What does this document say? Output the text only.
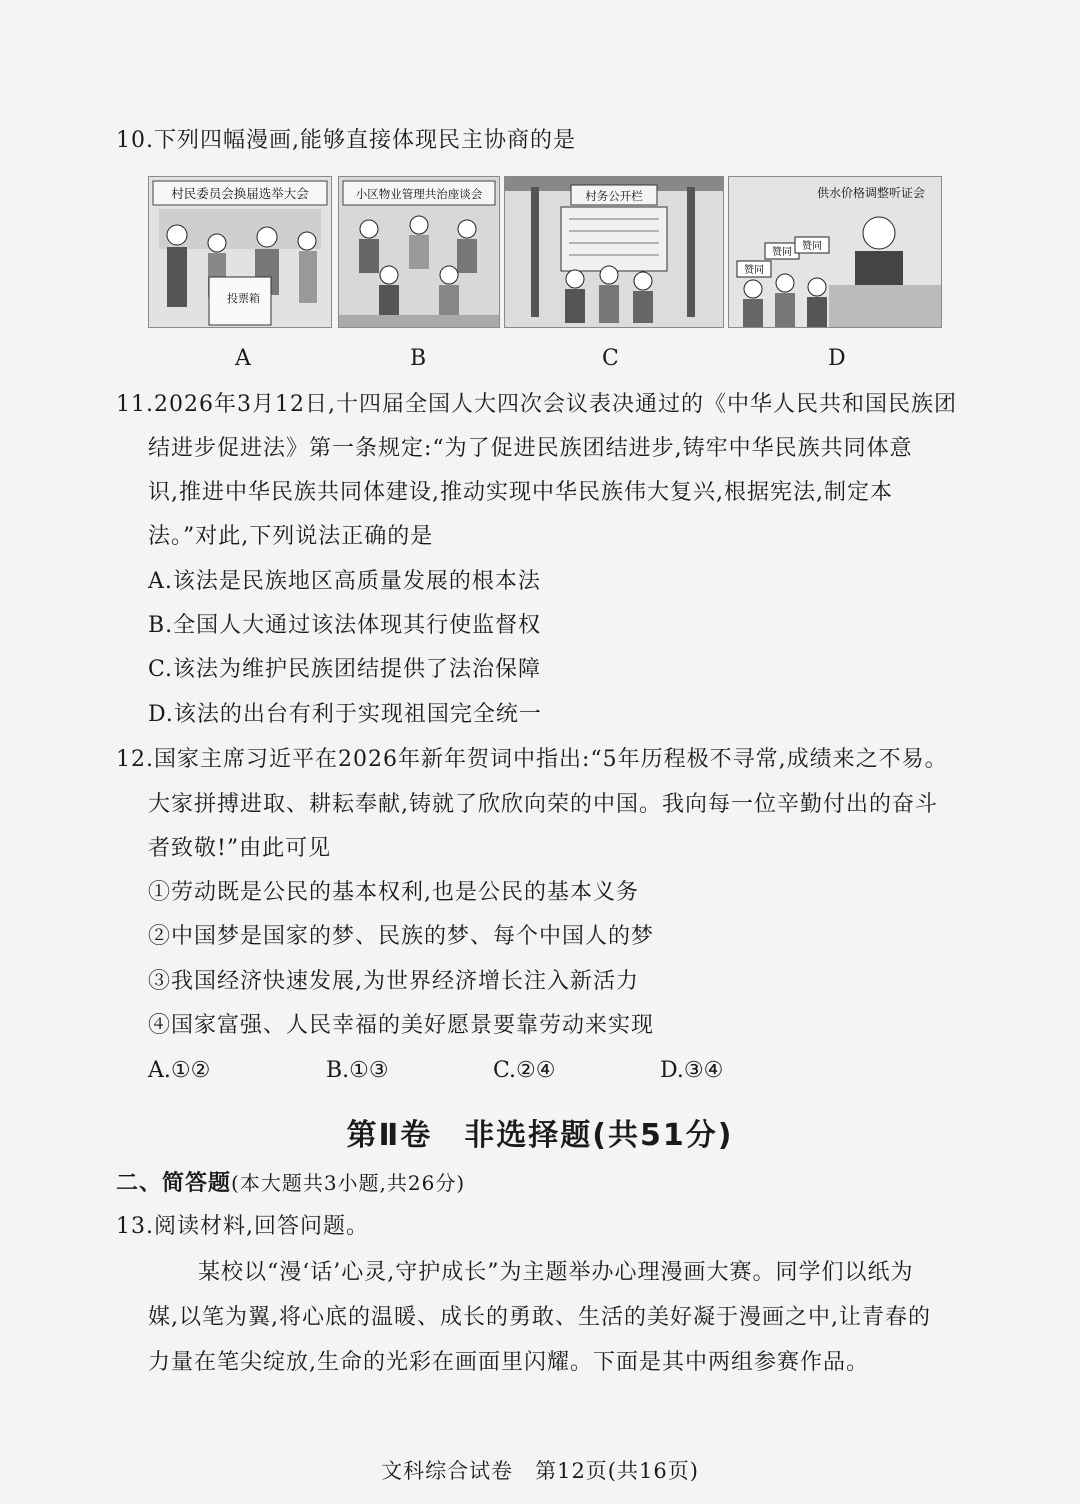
10.下列四幅漫画,能够直接体现民主协商的是
村民委员会换届选举大会
投票箱
小区物业管理共治座谈会	村务公开栏	供水价格调整听证会
赞同
赞同
赞同
A	B	C	D
11.2026年3月12日,十四届全国人大四次会议表决通过的《中华人民共和国民族团
结进步促进法》第一条规定:“为了促进民族团结进步,铸牢中华民族共同体意
识,推进中华民族共同体建设,推动实现中华民族伟大复兴,根据宪法,制定本
法。”对此,下列说法正确的是
A.该法是民族地区高质量发展的根本法
B.全国人大通过该法体现其行使监督权
C.该法为维护民族团结提供了法治保障
D.该法的出台有利于实现祖国完全统一
12.国家主席习近平在2026年新年贺词中指出:“5年历程极不寻常,成绩来之不易。
大家拼搏进取、耕耘奉献,铸就了欣欣向荣的中国。我向每一位辛勤付出的奋斗
者致敬!”由此可见
①劳动既是公民的基本权利,也是公民的基本义务
②中国梦是国家的梦、民族的梦、每个中国人的梦
③我国经济快速发展,为世界经济增长注入新活力
④国家富强、人民幸福的美好愿景要靠劳动来实现
A.①②	B.①③	C.②④	D.③④
第Ⅱ卷　非选择题(共51分)
二、简答题(本大题共3小题,共26分)
13.阅读材料,回答问题。
某校以“漫‘话’心灵,守护成长”为主题举办心理漫画大赛。同学们以纸为
媒,以笔为翼,将心底的温暖、成长的勇敢、生活的美好凝于漫画之中,让青春的
力量在笔尖绽放,生命的光彩在画面里闪耀。下面是其中两组参赛作品。
文科综合试卷　第12页(共16页)
